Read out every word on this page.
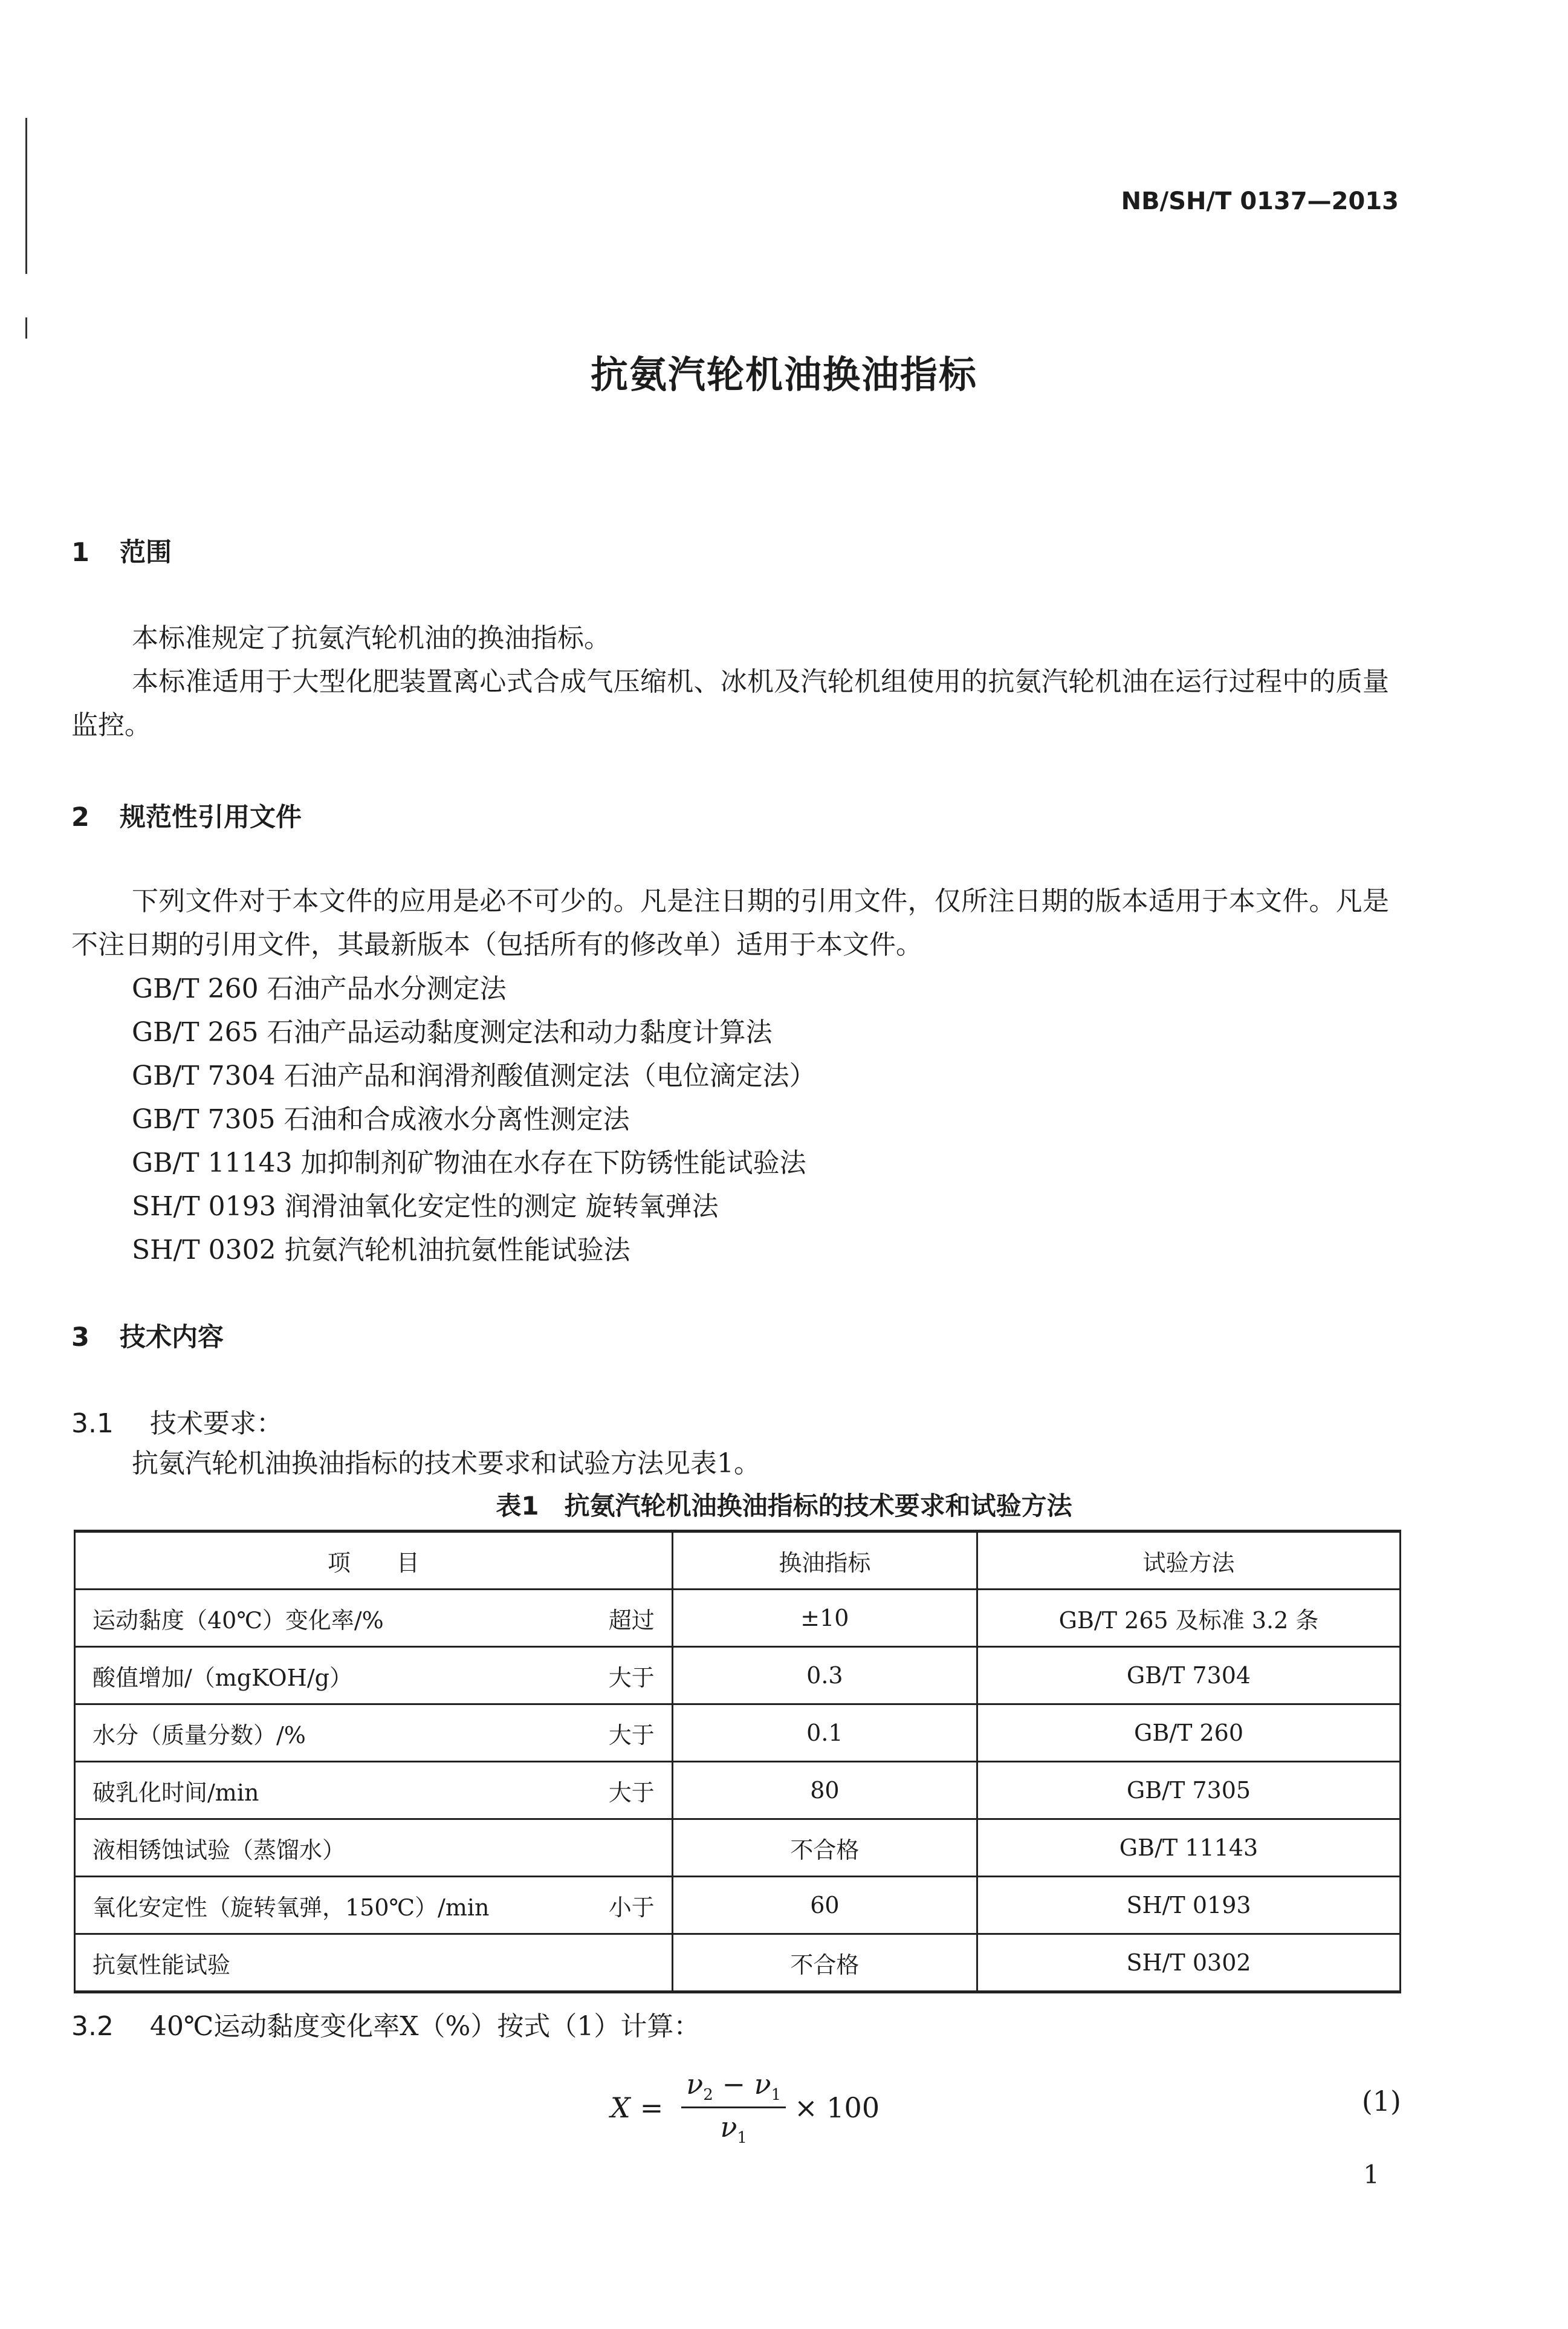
NB/SH/T 0137—2013
抗氨汽轮机油换油指标
1 范围
本标准规定了抗氨汽轮机油的换油指标。
本标准适用于大型化肥装置离心式合成气压缩机、冰机及汽轮机组使用的抗氨汽轮机油在运行过程中的质量监控。
2 规范性引用文件
下列文件对于本文件的应用是必不可少的。凡是注日期的引用文件，仅所注日期的版本适用于本文件。凡是不注日期的引用文件，其最新版本（包括所有的修改单）适用于本文件。
GB/T 260 石油产品水分测定法
GB/T 265 石油产品运动黏度测定法和动力黏度计算法
GB/T 7304 石油产品和润滑剂酸值测定法（电位滴定法）
GB/T 7305 石油和合成液水分离性测定法
GB/T 11143 加抑制剂矿物油在水存在下防锈性能试验法
SH/T 0193 润滑油氧化安定性的测定 旋转氧弹法
SH/T 0302 抗氨汽轮机油抗氨性能试验法
3 技术内容
3.1 技术要求：
抗氨汽轮机油换油指标的技术要求和试验方法见表1。
表1　抗氨汽轮机油换油指标的技术要求和试验方法
项　　目	换油指标	试验方法

运动黏度（40℃）变化率/% 超过	±10	GB/T 265 及标准 3.2 条

酸值增加/（mgKOH/g） 大于	0.3	GB/T 7304

水分（质量分数）/% 大于	0.1	GB/T 260

破乳化时间/min 大于	80	GB/T 7305

液相锈蚀试验（蒸馏水）	不合格	GB/T 11143

氧化安定性（旋转氧弹，150℃）/min 小于	60	SH/T 0193

抗氨性能试验	不合格	SH/T 0302
3.2 40℃运动黏度变化率X（%）按式（1）计算：
$X = \frac{\nu_2 - \nu_1}{\nu_1} \times 100$	(1)
1
